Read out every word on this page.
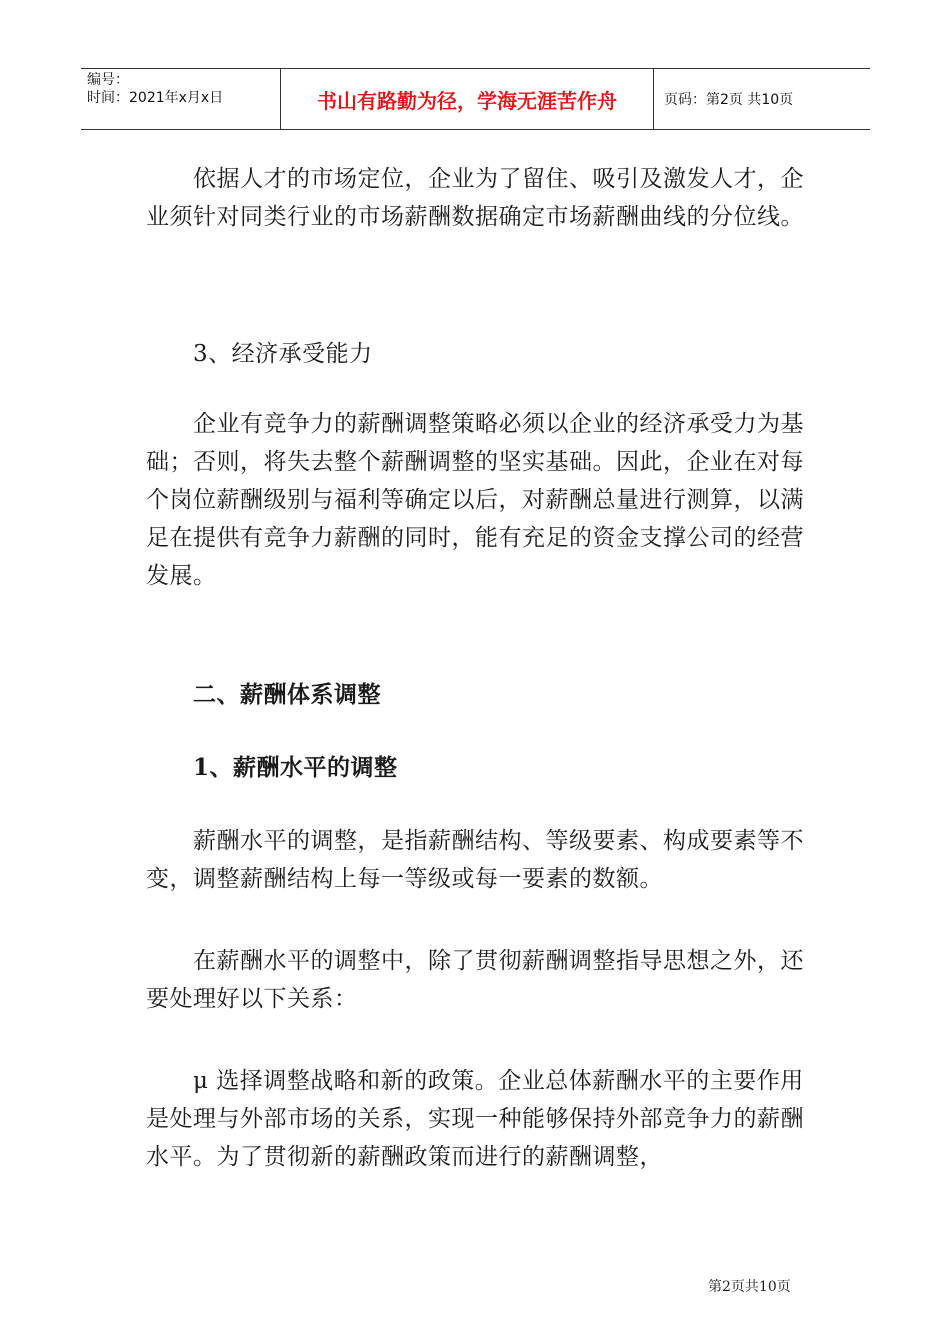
编号：
时间：2021年x月x日	书山有路勤为径，学海无涯苦作舟	页码：第2页 共10页

　　依据人才的市场定位，企业为了留住、吸引及激发人才，企业须针对同类行业的市场薪酬数据确定市场薪酬曲线的分位线。

　　3、经济承受能力

　　企业有竞争力的薪酬调整策略必须以企业的经济承受力为基础；否则，将失去整个薪酬调整的坚实基础。因此，企业在对每个岗位薪酬级别与福利等确定以后，对薪酬总量进行测算，以满足在提供有竞争力薪酬的同时，能有充足的资金支撑公司的经营发展。

　　二、薪酬体系调整

　　1、薪酬水平的调整

　　薪酬水平的调整，是指薪酬结构、等级要素、构成要素等不变，调整薪酬结构上每一等级或每一要素的数额。

　　在薪酬水平的调整中，除了贯彻薪酬调整指导思想之外，还要处理好以下关系：

　　μ 选择调整战略和新的政策。企业总体薪酬水平的主要作用是处理与外部市场的关系，实现一种能够保持外部竞争力的薪酬水平。为了贯彻新的薪酬政策而进行的薪酬调整，

第2页共10页
